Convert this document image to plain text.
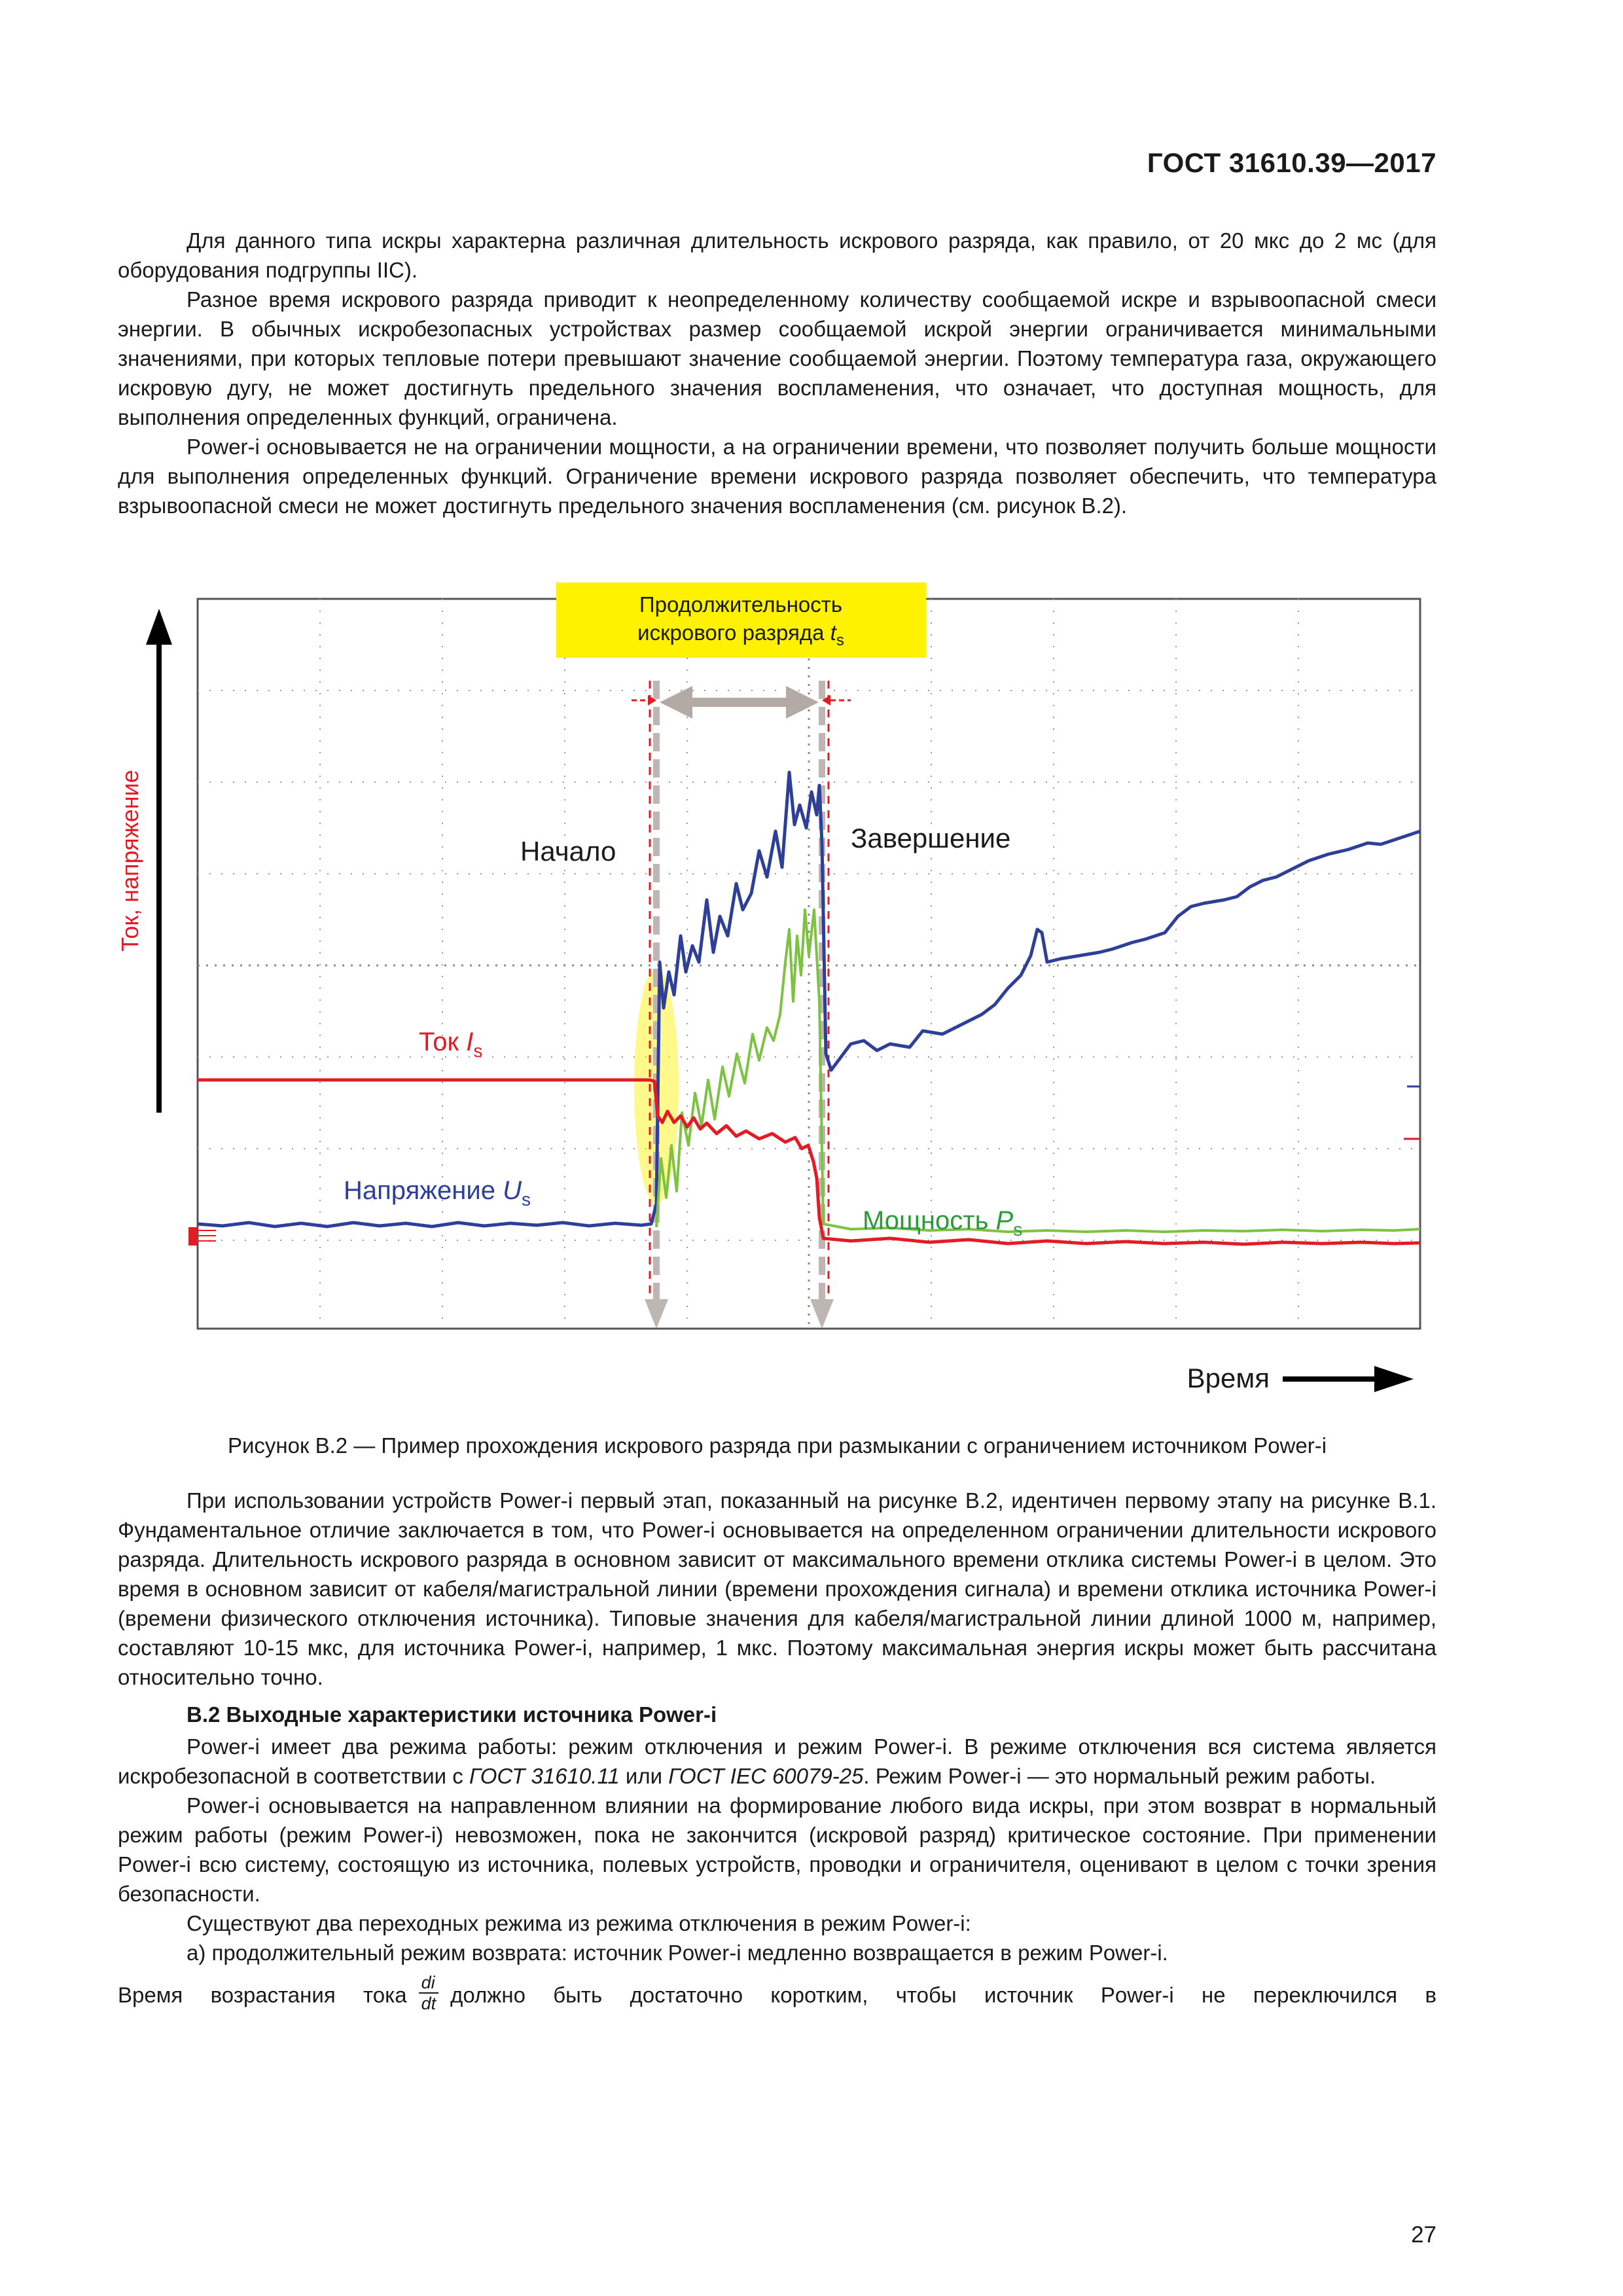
ГОСТ 31610.39—2017

Для данного типа искры характерна различная длительность искрового разряда, как правило, от 20 мкс до 2 мс (для оборудования подгруппы IIC).

Разное время искрового разряда приводит к неопределенному количеству сообщаемой искре и взрывоопасной смеси энергии. В обычных искробезопасных устройствах размер сообщаемой искрой энергии ограничивается минимальными значениями, при которых тепловые потери превышают значение сообщаемой энергии. Поэтому температура газа, окружающего искровую дугу, не может достигнуть предельного значения воспламенения, что означает, что доступная мощность, для выполнения определенных функций, ограничена.

Power-i основывается не на ограничении мощности, а на ограничении времени, что позволяет получить больше мощности для выполнения определенных функций. Ограничение времени искрового разряда позволяет обеспечить, что температура взрывоопасной смеси не может достигнуть предельного значения воспламенения (см. рисунок В.2).

Продолжительность
искрового разряда $t_s$
Начало	Завершение
Ток $I_s$
Напряжение $U_s$
Мощность $P_s$
Ток, напряжение
Время
Рисунок В.2 — Пример прохождения искрового разряда при размыкании с ограничением источником Power-i

При использовании устройств Power-i первый этап, показанный на рисунке В.2, идентичен первому этапу на рисунке В.1. Фундаментальное отличие заключается в том, что Power-i основывается на определенном ограничении длительности искрового разряда. Длительность искрового разряда в основном зависит от максимального времени отклика системы Power-i в целом. Это время в основном зависит от кабеля/магистральной линии (времени прохождения сигнала) и времени отклика источника Power-i (времени физического отключения источника). Типовые значения для кабеля/магистральной линии длиной 1000 м, например, составляют 10-15 мкс, для источника Power-i, например, 1 мкс. Поэтому максимальная энергия искры может быть рассчитана относительно точно.

В.2 Выходные характеристики источника Power-i

Power-i имеет два режима работы: режим отключения и режим Power-i. В режиме отключения вся система является искробезопасной в соответствии с ГОСТ 31610.11 или ГОСТ IEC 60079-25. Режим Power-i — это нормальный режим работы.

Power-i основывается на направленном влиянии на формирование любого вида искры, при этом возврат в нормальный режим работы (режим Power-i) невозможен, пока не закончится (искровой разряд) критическое состояние. При применении Power-i всю систему, состоящую из источника, полевых устройств, проводки и ограничителя, оценивают в целом с точки зрения безопасности.

Существуют два переходных режима из режима отключения в режим Power-i:

а) продолжительный режим возврата: источник Power-i медленно возвращается в режим Power-i.

Время возрастания тока $\frac{di}{dt}$ должно быть достаточно коротким, чтобы источник Power-i не переключился в

27
